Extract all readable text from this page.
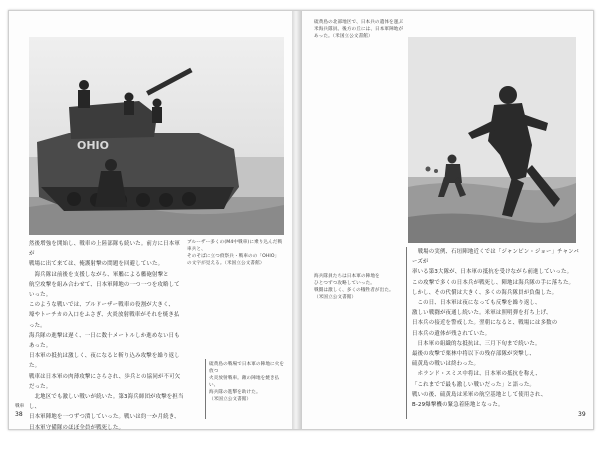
OHIO

ブルーザー多くの(M4中戦車)に乗り込んだ戦車兵と、

そのそばに立つ偵察兵・戦車のの「OHIO」

の文字が見える。（米国立公文書館）

然後増強を開始し、戦車の上陸部隊も続いた。前方に日本軍が

戦場に出て来ては、掩護射撃の問題を回避していた。

　海兵隊は前後を支援しながら、軍艦による艦砲射撃と

航空攻撃を組み合わせて、日本軍陣地の一つ一つを攻略していった。

このような戦いでは、ブルドーザー戦車の役割が大きく、

壕やトーチカの入口をふさぎ、火炎放射戦車がそれを焼き払った。

海兵隊の進撃は遅く、一日に数十メートルしか進めない日もあった。

日本軍の抵抗は激しく、夜になると斬り込み攻撃を繰り返した。

戦車は日本軍の肉薄攻撃にさらされ、歩兵との協同が不可欠だった。

　北地区でも激しい戦いが続いた。第3海兵師団が攻撃を担当し、

日本軍陣地を一つずつ潰していった。戦いは約一か月続き、

日本軍守備隊のほぼ全員が戦死した。

硫黄島の戦場で日本軍の陣地に火を放つ

火炎放射戦車。敵の陣地を焼き払い、

海兵隊の進撃を助けた。

（米国立公文書館）

戦車
38

硫黄島の北部地区で、日本兵の遺体を運ぶ

米海兵隊員。後方の丘には、日本軍陣地が

あった。（米国立公文書館）

海兵隊員たちは日本軍の陣地を

ひとつずつ攻略していった。

戦闘は激しく、多くの犠牲者が出た。

（米国立公文書館）

　戦場の実例、石垣陣地近くでは「ジャンピン・ジョー」チャンバーズが

率いる第3大隊が、日本軍の抵抗を受けながら前進していった。

この攻撃で多くの日本兵が戦死し、陣地は海兵隊の手に落ちた。

しかし、その代償は大きく、多くの海兵隊員が負傷した。

　この日、日本軍は夜になっても反撃を繰り返し、

激しい戦闘が夜通し続いた。米軍は照明弾を打ち上げ、

日本兵の接近を警戒した。翌朝になると、戦場には多数の

日本兵の遺体が残されていた。

　日本軍の組織的な抵抗は、三月下旬まで続いた。

最後の攻撃で栗林中将以下の残存部隊が突撃し、

硫黄島の戦いは終わった。

　ホランド・スミス中将は、日本軍の抵抗を称え、

「これまでで最も激しい戦いだった」と語った。

戦いの後、硫黄島は米軍の航空基地として使用され、

B-29爆撃機の緊急着陸地となった。

39
